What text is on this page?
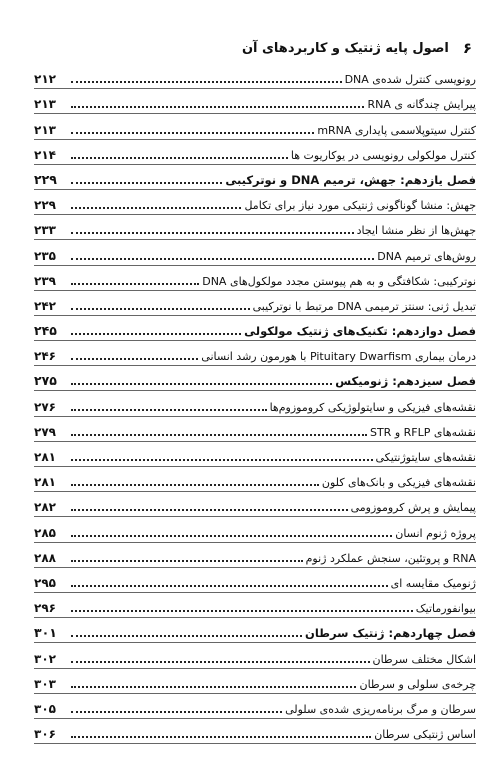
۶
اصول پایه ژنتیک و کاربردهای آن
رونویسی کنترل شده‌ی DNA
۲۱۲
پیرایش چندگانه ی RNA
۲۱۳
کنترل سیتوپلاسمی پایداری mRNA
۲۱۳
کنترل مولکولی رونویسی در یوکاریوت ها
۲۱۴
فصل یازدهم: جهش، ترمیم DNA و نوترکیبی
۲۲۹
جهش: منشا گوناگونی ژنتیکی مورد نیاز برای تکامل
۲۲۹
جهش‌ها از نظر منشا ایجاد
۲۳۳
روش‌های ترمیم DNA
۲۳۵
نوترکیبی: شکافتگی و به هم پیوستن مجدد مولکول‌های DNA
۲۳۹
تبدیل ژنی: سنتز ترمیمی DNA مرتبط با نوترکیبی
۲۴۲
فصل دوازدهم: تکنیک‌های ژنتیک مولکولی
۲۴۵
درمان بیماری Pituitary Dwarfism با هورمون رشد انسانی
۲۴۶
فصل سیزدهم: ژنومیکس
۲۷۵
نقشه‌های فیزیکی و سایتولوژیکی کروموزوم‌ها
۲۷۶
نقشه‌های RFLP و STR
۲۷۹
نقشه‌های سایتوژنتیکی
۲۸۱
نقشه‌های فیزیکی و بانک‌های کلون
۲۸۱
پیمایش و پرش کروموزومی
۲۸۲
پروژه ژنوم انسان
۲۸۵
RNA و پروتئین، سنجش عملکرد ژنوم
۲۸۸
ژنومیک مقایسه ای
۲۹۵
بیوانفورماتیک
۲۹۶
فصل چهاردهم: ژنتیک سرطان
۳۰۱
اشکال مختلف سرطان
۳۰۲
چرخه‌ی سلولی و سرطان
۳۰۳
سرطان و مرگ برنامه‌ریزی شده‌ی سلولی
۳۰۵
اساس ژنتیکی سرطان
۳۰۶
